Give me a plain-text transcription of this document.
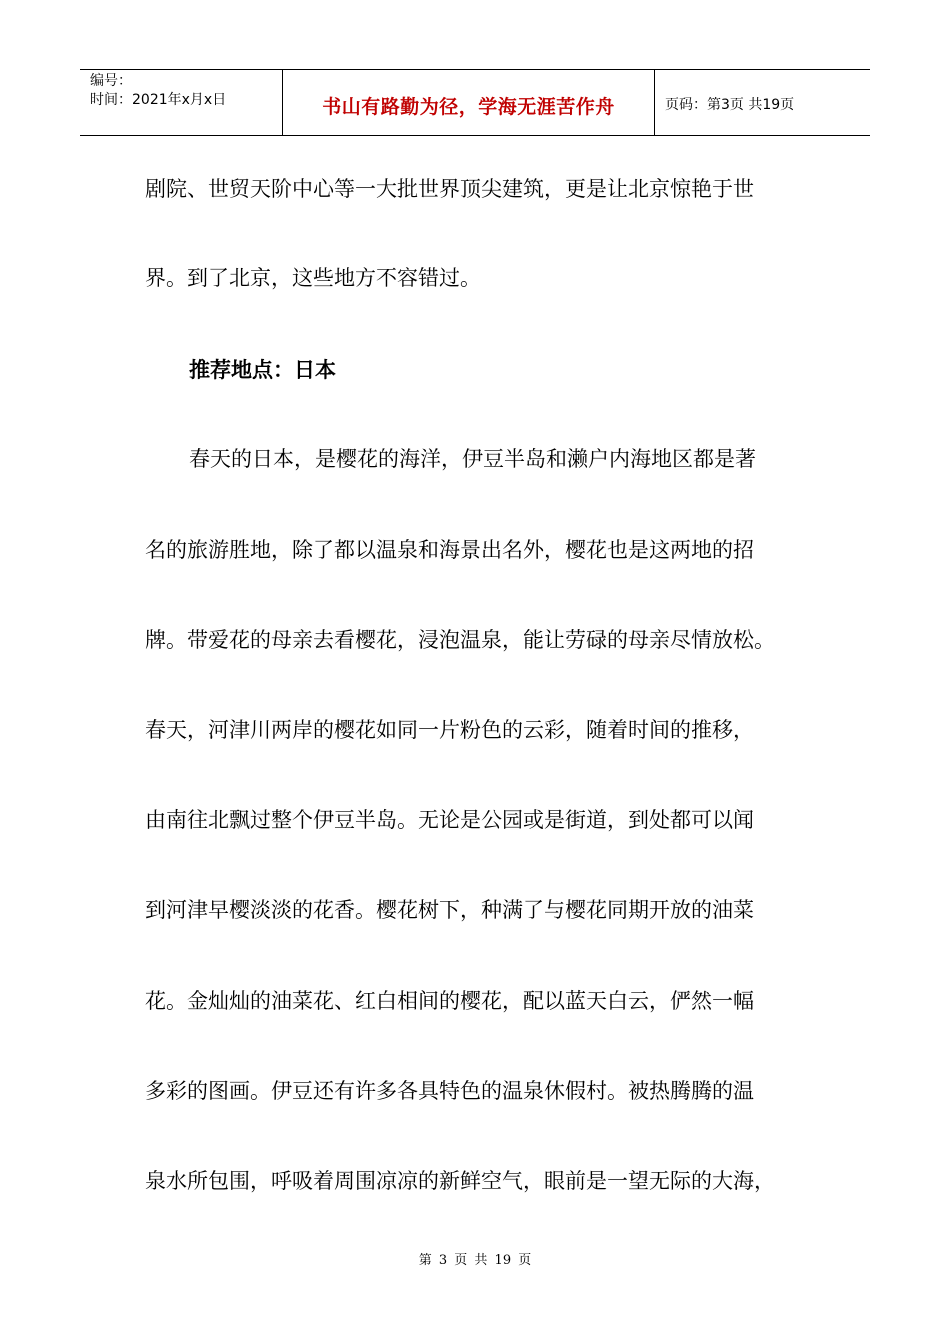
编号：
时间：2021年x月x日	书山有路勤为径，学海无涯苦作舟	页码：第3页 共19页
剧院、世贸天阶中心等一大批世界顶尖建筑，更是让北京惊艳于世
界。到了北京，这些地方不容错过。
推荐地点：日本
春天的日本，是樱花的海洋，伊豆半岛和濑户内海地区都是著
名的旅游胜地，除了都以温泉和海景出名外，樱花也是这两地的招
牌。带爱花的母亲去看樱花，浸泡温泉，能让劳碌的母亲尽情放松。
春天，河津川两岸的樱花如同一片粉色的云彩，随着时间的推移，
由南往北飘过整个伊豆半岛。无论是公园或是街道，到处都可以闻
到河津早樱淡淡的花香。樱花树下，种满了与樱花同期开放的油菜
花。金灿灿的油菜花、红白相间的樱花，配以蓝天白云，俨然一幅
多彩的图画。伊豆还有许多各具特色的温泉休假村。被热腾腾的温
泉水所包围，呼吸着周围凉凉的新鲜空气，眼前是一望无际的大海，
第 3 页 共 19 页
